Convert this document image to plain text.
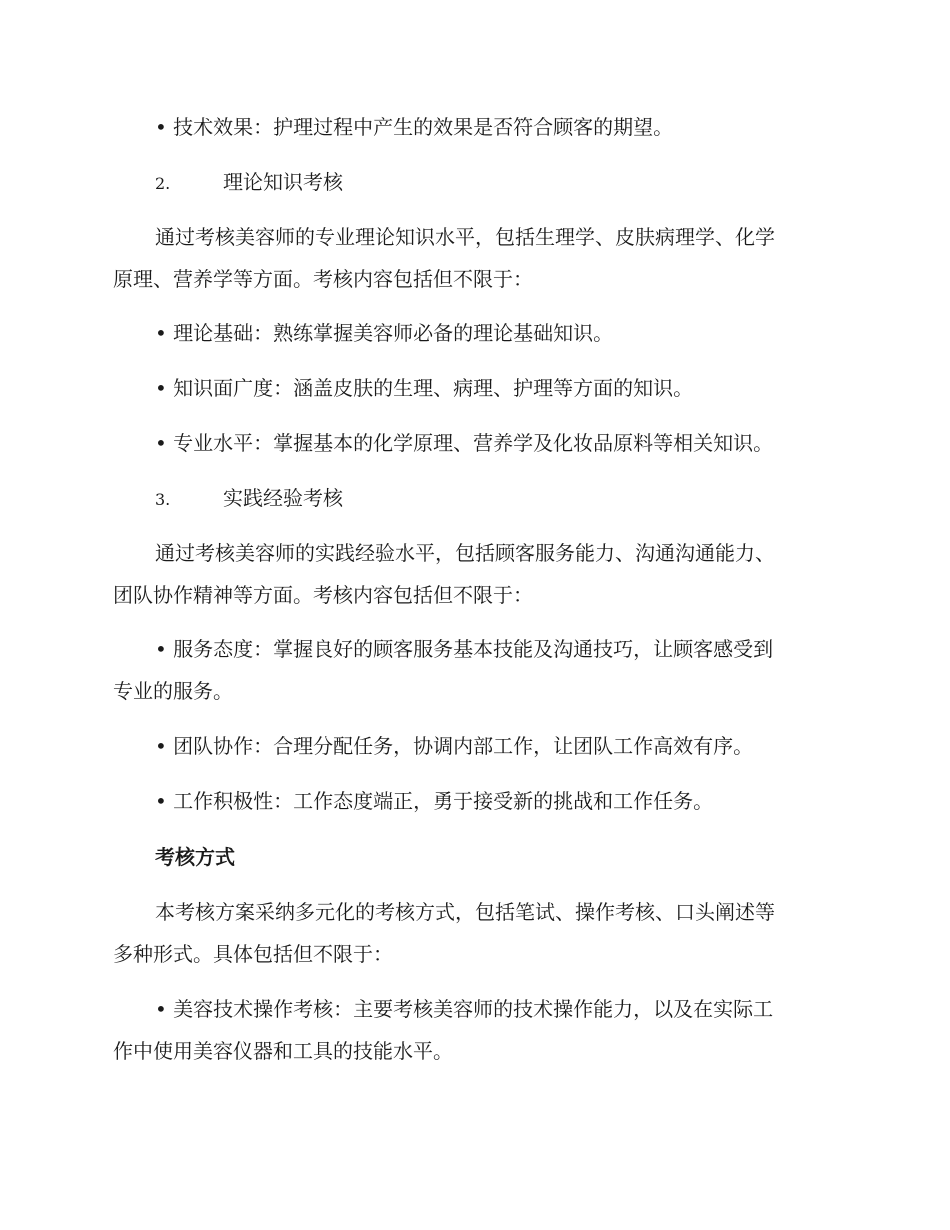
• 技术效果：护理过程中产生的效果是否符合顾客的期望。
2.	理论知识考核
通过考核美容师的专业理论知识水平，包括生理学、皮肤病理学、化学
原理、营养学等方面。考核内容包括但不限于：
• 理论基础：熟练掌握美容师必备的理论基础知识。
• 知识面广度：涵盖皮肤的生理、病理、护理等方面的知识。
• 专业水平：掌握基本的化学原理、营养学及化妆品原料等相关知识。
3.	实践经验考核
通过考核美容师的实践经验水平，包括顾客服务能力、沟通沟通能力、
团队协作精神等方面。考核内容包括但不限于：
• 服务态度：掌握良好的顾客服务基本技能及沟通技巧，让顾客感受到
专业的服务。
• 团队协作：合理分配任务，协调内部工作，让团队工作高效有序。
• 工作积极性：工作态度端正，勇于接受新的挑战和工作任务。
考核方式
本考核方案采纳多元化的考核方式，包括笔试、操作考核、口头阐述等
多种形式。具体包括但不限于：
• 美容技术操作考核：主要考核美容师的技术操作能力，以及在实际工
作中使用美容仪器和工具的技能水平。
